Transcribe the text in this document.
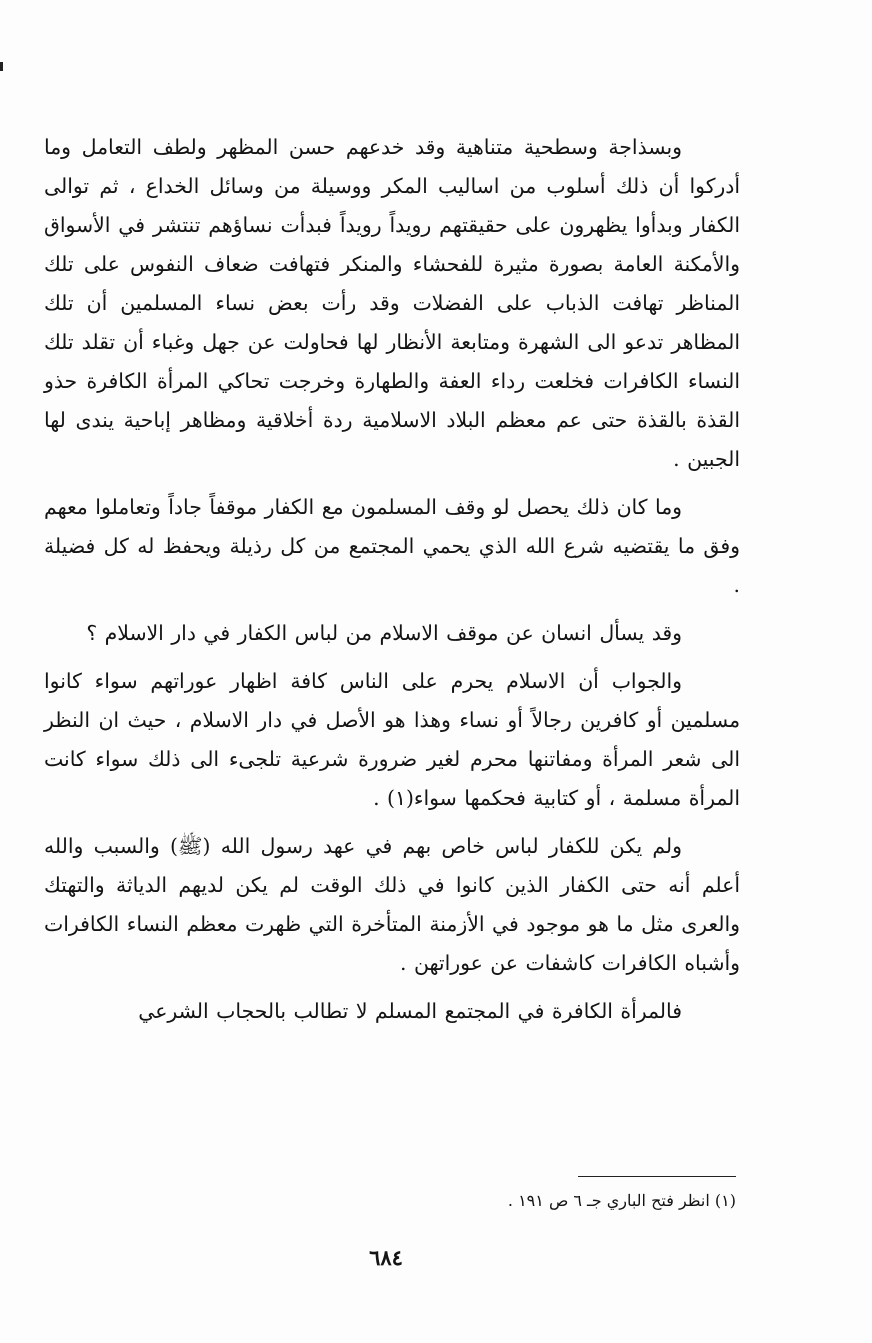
وبسذاجة وسطحية متناهية وقد خدعهم حسن المظهر ولطف التعامل وما أدركوا أن ذلك أسلوب من اساليب المكر ووسيلة من وسائل الخداع ، ثم توالى الكفار وبدأوا يظهرون على حقيقتهم رويداً رويداً فبدأت نساؤهم تنتشر في الأسواق والأمكنة العامة بصورة مثيرة للفحشاء والمنكر فتهافت ضعاف النفوس على تلك المناظر تهافت الذباب على الفضلات وقد رأت بعض نساء المسلمين أن تلك المظاهر تدعو الى الشهرة ومتابعة الأنظار لها فحاولت عن جهل وغباء أن تقلد تلك النساء الكافرات فخلعت رداء العفة والطهارة وخرجت تحاكي المرأة الكافرة حذو القذة بالقذة حتى عم معظم البلاد الاسلامية ردة أخلاقية ومظاهر إباحية يندى لها الجبين .

وما كان ذلك يحصل لو وقف المسلمون مع الكفار موقفاً جاداً وتعاملوا معهم وفق ما يقتضيه شرع الله الذي يحمي المجتمع من كل رذيلة ويحفظ له كل فضيلة .

وقد يسأل انسان عن موقف الاسلام من لباس الكفار في دار الاسلام ؟

والجواب أن الاسلام يحرم على الناس كافة اظهار عوراتهم سواء كانوا مسلمين أو كافرين رجالاً أو نساء وهذا هو الأصل في دار الاسلام ، حيث ان النظر الى شعر المرأة ومفاتنها محرم لغير ضرورة شرعية تلجىء الى ذلك سواء كانت المرأة مسلمة ، أو كتابية فحكمها سواء(١) .

ولم يكن للكفار لباس خاص بهم في عهد رسول الله (ﷺ) والسبب والله أعلم أنه حتى الكفار الذين كانوا في ذلك الوقت لم يكن لديهم الدياثة والتهتك والعرى مثل ما هو موجود في الأزمنة المتأخرة التي ظهرت معظم النساء الكافرات وأشباه الكافرات كاشفات عن عوراتهن .

فالمرأة الكافرة في المجتمع المسلم لا تطالب بالحجاب الشرعي

(١) انظر فتح الباري جـ ٦ ص ١٩١ .
٦٨٤
